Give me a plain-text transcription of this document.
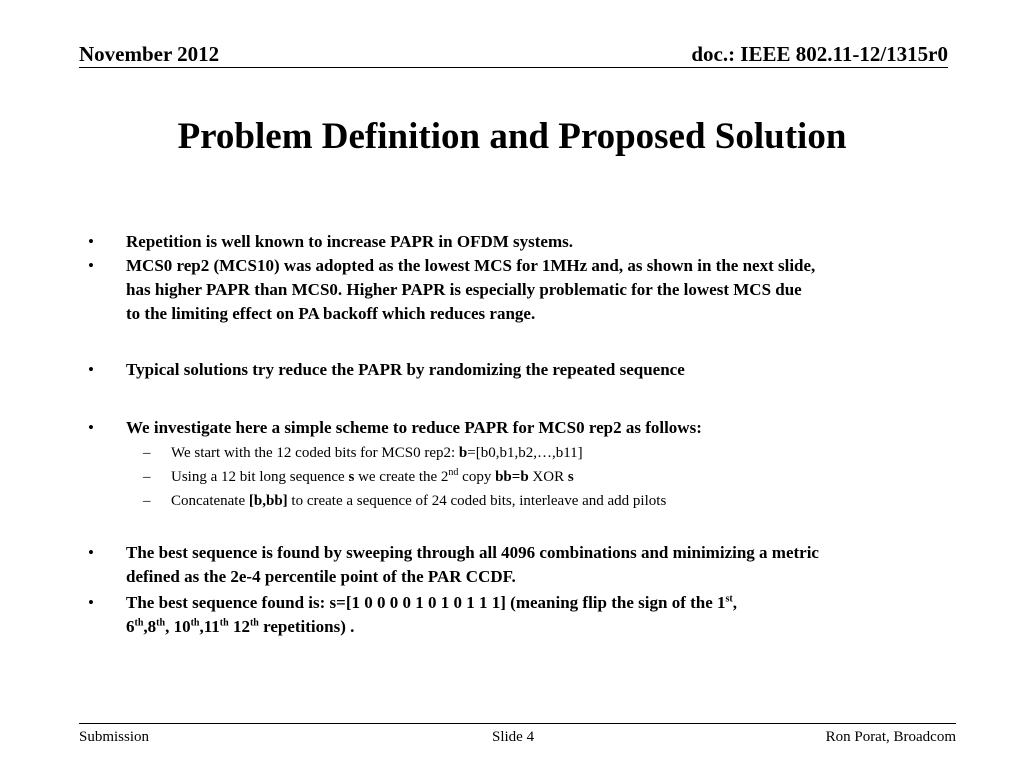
November 2012	doc.: IEEE 802.11-12/1315r0
Problem Definition and Proposed Solution
• Repetition is well known to increase PAPR in OFDM systems.
• MCS0 rep2 (MCS10) was adopted as the lowest MCS for 1MHz and, as shown in the next slide,
has higher PAPR than MCS0. Higher PAPR is especially problematic for the lowest MCS due
to the limiting effect on PA backoff which reduces range.
• Typical solutions try reduce the PAPR by randomizing the repeated sequence
• We investigate here a simple scheme to reduce PAPR for MCS0 rep2 as follows:
– We start with the 12 coded bits for MCS0 rep2: b=[b0,b1,b2,…,b11]
– Using a 12 bit long sequence s we create the 2nd copy bb=b XOR s
– Concatenate [b,bb] to create a sequence of 24 coded bits, interleave and add pilots
• The best sequence is found by sweeping through all 4096 combinations and minimizing a metric
defined as the 2e-4 percentile point of the PAR CCDF.
• The best sequence found is: s=[1 0 0 0 0 1 0 1 0 1 1 1] (meaning flip the sign of the 1st,
6th,8th, 10th,11th 12th repetitions) .
Submission	Slide 4	Ron Porat, Broadcom
